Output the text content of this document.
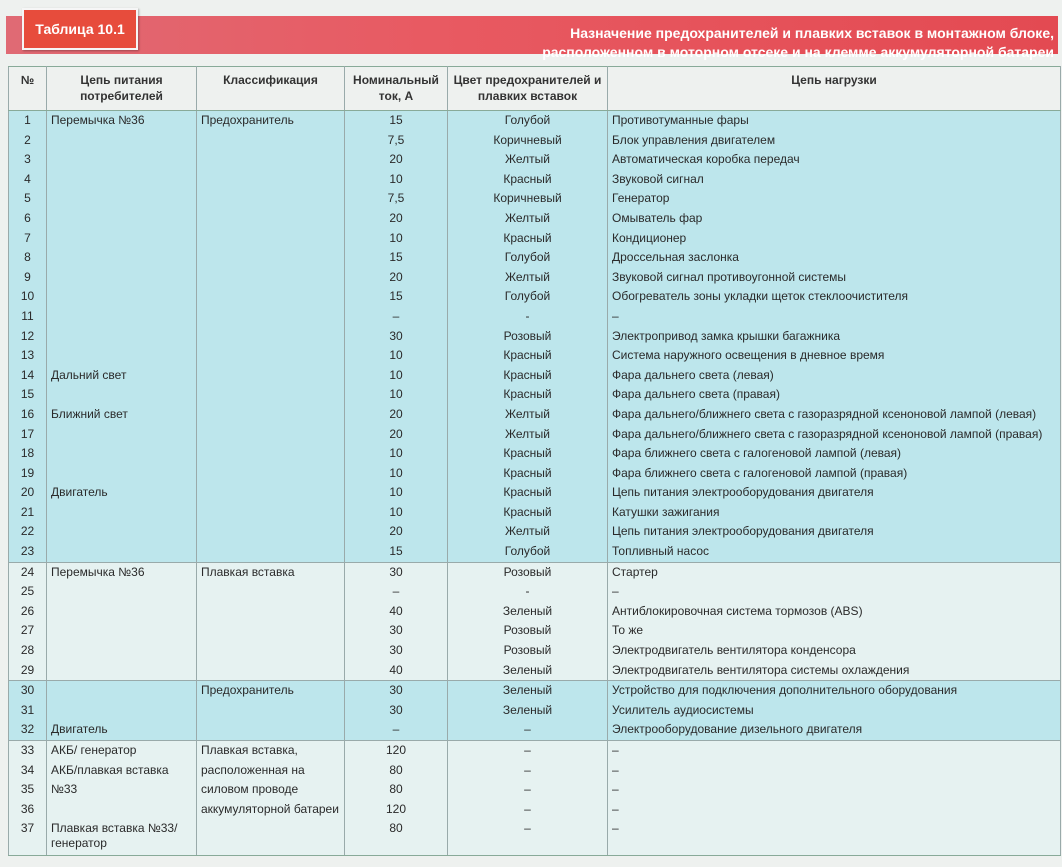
Назначение предохранителей и плавких вставок в монтажном блоке,
расположенном в моторном отсеке и на клемме аккумуляторной батареи
Таблица 10.1
№	Цепь питания потребителей	Классификация	Номинальный ток, А	Цвет предохранителей и плавких вставок	Цепь нагрузки
1	Перемычка №36	Предохранитель	15	Голубой	Противотуманные фары
2			7,5	Коричневый	Блок управления двигателем
3			20	Желтый	Автоматическая коробка передач
4			10	Красный	Звуковой сигнал
5			7,5	Коричневый	Генератор
6			20	Желтый	Омыватель фар
7			10	Красный	Кондиционер
8			15	Голубой	Дроссельная заслонка
9			20	Желтый	Звуковой сигнал противоугонной системы
10			15	Голубой	Обогреватель зоны укладки щеток стеклоочистителя
11			–	-	–
12			30	Розовый	Электропривод замка крышки багажника
13			10	Красный	Система наружного освещения в дневное время
14	Дальний свет		10	Красный	Фара дальнего света (левая)
15			10	Красный	Фара дальнего света (правая)
16	Ближний свет		20	Желтый	Фара дальнего/ближнего света с газоразрядной ксеноновой лампой (левая)
17			20	Желтый	Фара дальнего/ближнего света с газоразрядной ксеноновой лампой (правая)
18			10	Красный	Фара ближнего света с галогеновой лампой (левая)
19			10	Красный	Фара ближнего света с галогеновой лампой (правая)
20	Двигатель		10	Красный	Цепь питания электрооборудования двигателя
21			10	Красный	Катушки зажигания
22			20	Желтый	Цепь питания электрооборудования двигателя
23			15	Голубой	Топливный насос
24	Перемычка №36	Плавкая вставка	30	Розовый	Стартер
25			–	-	–
26			40	Зеленый	Антиблокировочная система тормозов (ABS)
27			30	Розовый	То же
28			30	Розовый	Электродвигатель вентилятора конденсора
29			40	Зеленый	Электродвигатель вентилятора системы охлаждения
30		Предохранитель	30	Зеленый	Устройство для подключения дополнительного оборудования
31			30	Зеленый	Усилитель аудиосистемы
32	Двигатель		–	–	Электрооборудование дизельного двигателя
33	АКБ/ генератор	Плавкая вставка,	120	–	–
34	АКБ/плавкая вставка	расположенная на	80	–	–
35	№33	силовом проводе	80	–	–
36		аккумуляторной батареи	120	–	–
37	Плавкая вставка №33/генератор		80	–	–
